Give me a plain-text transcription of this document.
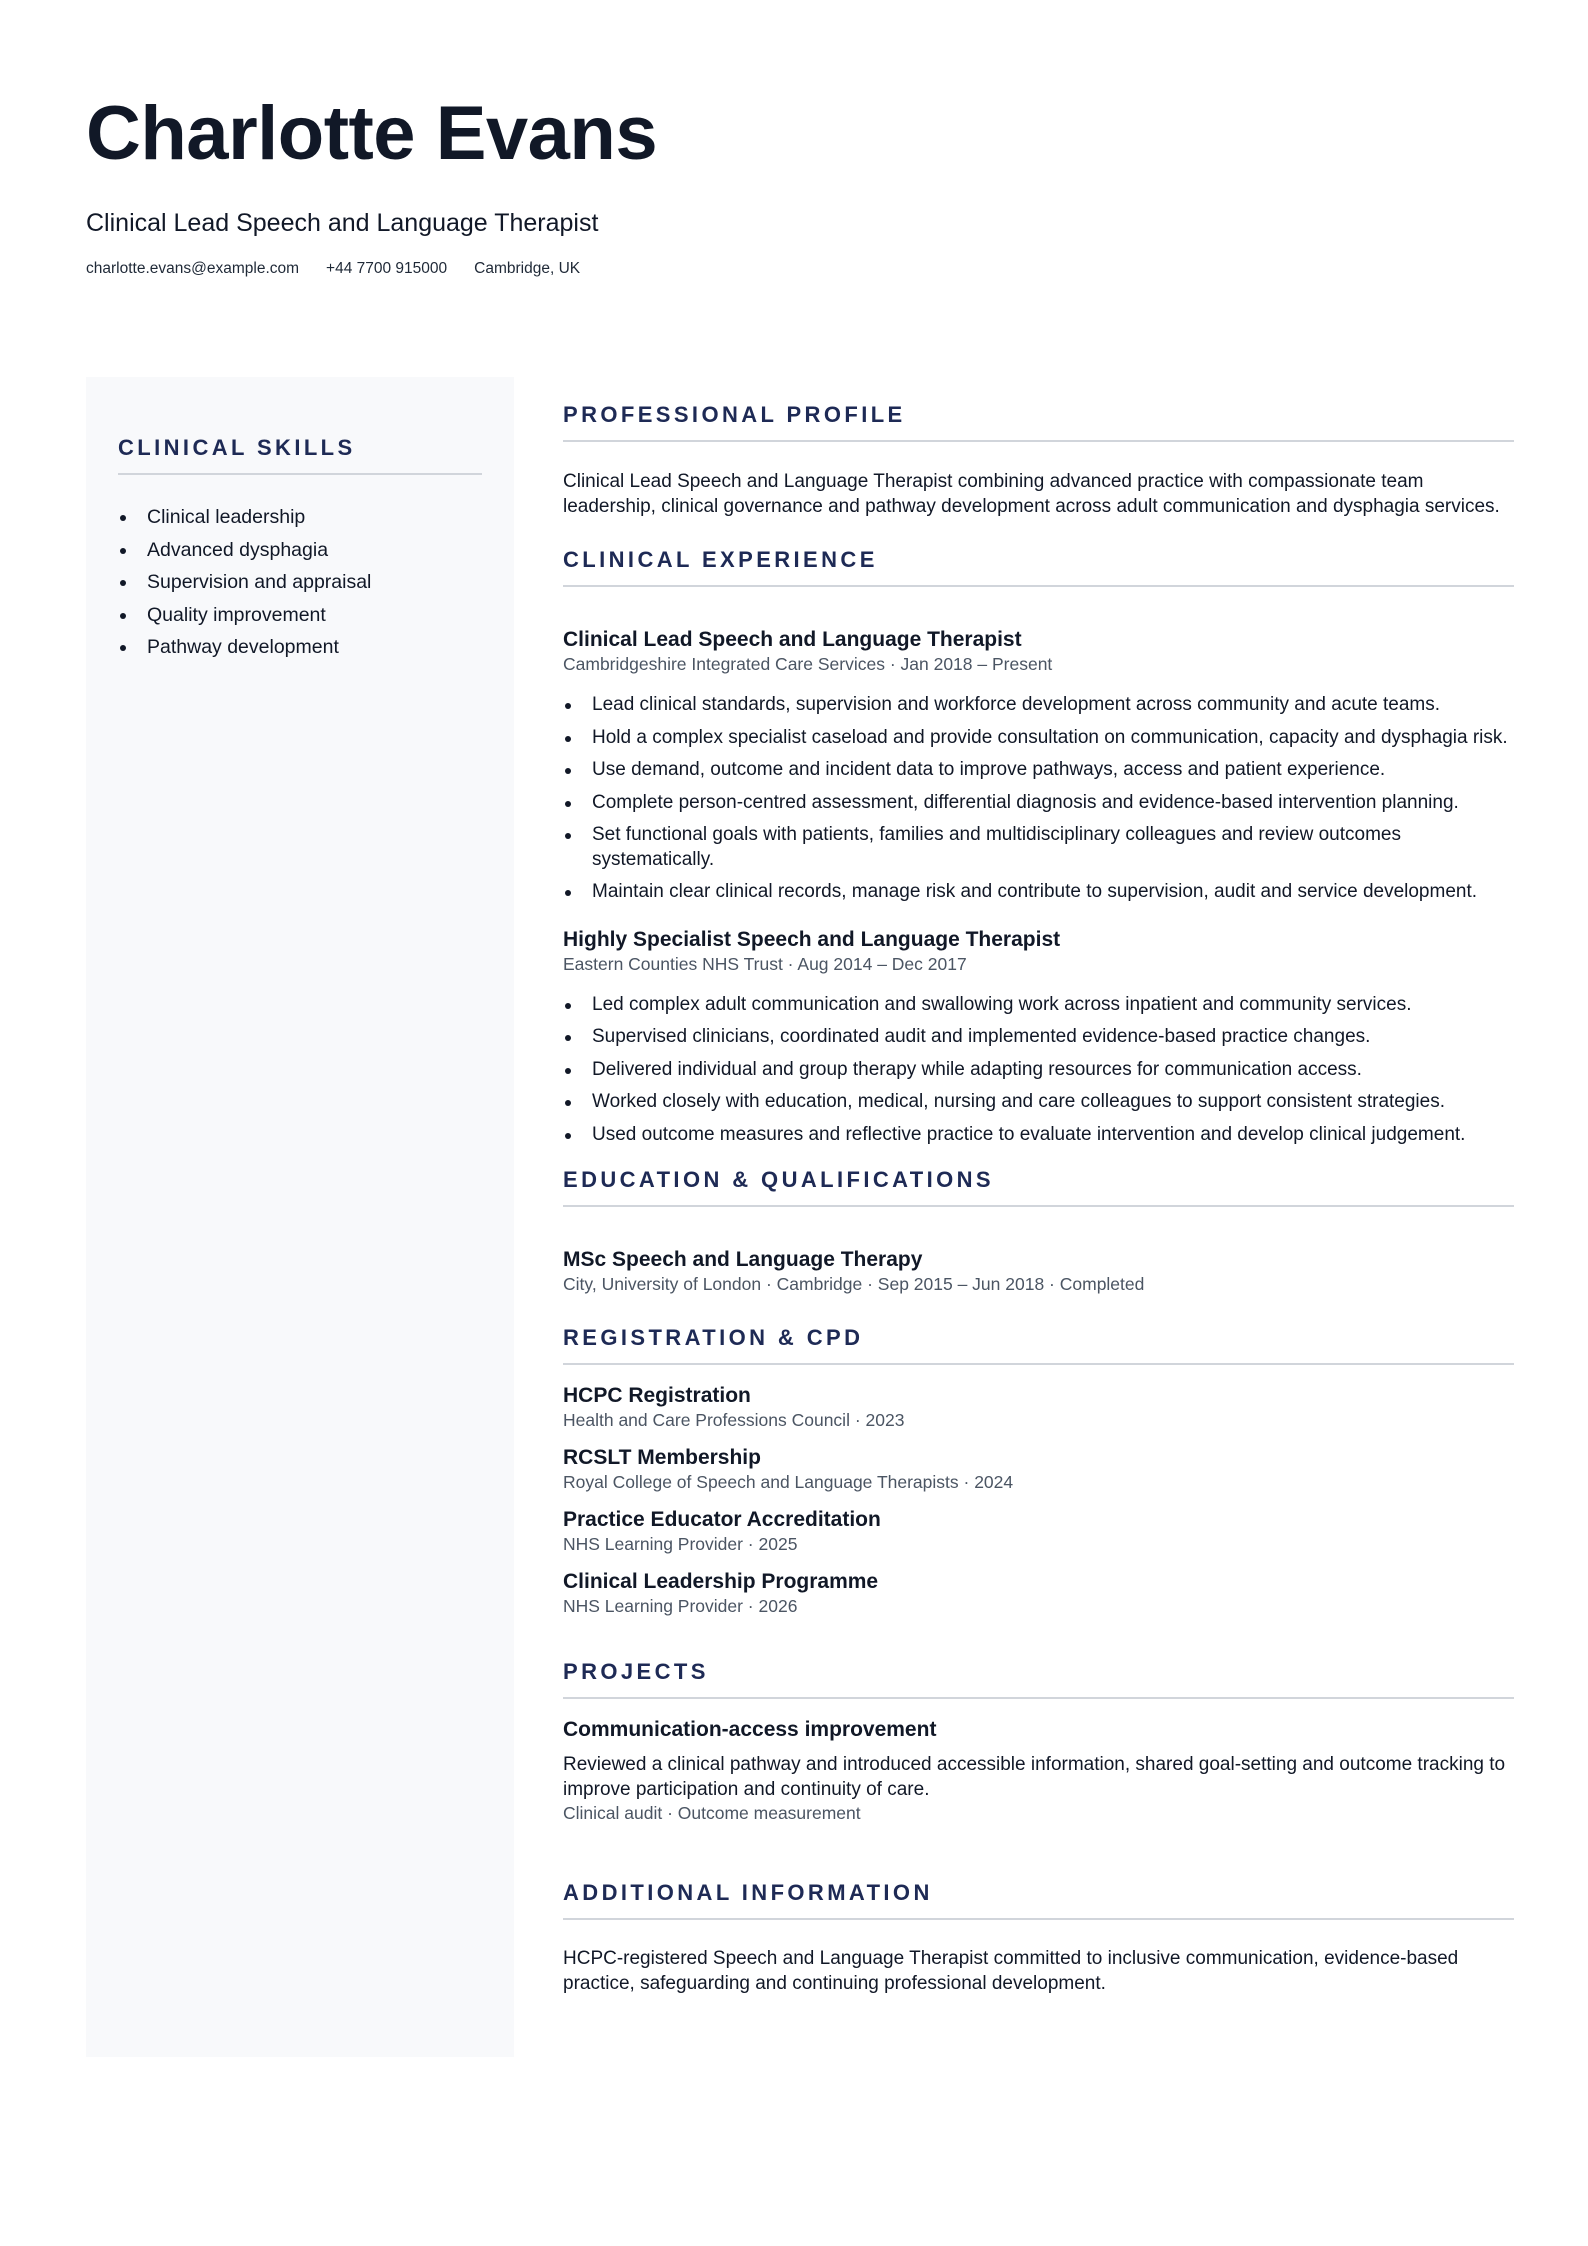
Charlotte Evans
Clinical Lead Speech and Language Therapist
charlotte.evans@example.com +44 7700 915000 Cambridge, UK
CLINICAL SKILLS
Clinical leadership
Advanced dysphagia
Supervision and appraisal
Quality improvement
Pathway development
PROFESSIONAL PROFILE

Clinical Lead Speech and Language Therapist combining advanced practice with compassionate team leadership, clinical governance and pathway development across adult communication and dysphagia services.

CLINICAL EXPERIENCE
Clinical Lead Speech and Language Therapist

Cambridgeshire Integrated Care Services · Jan 2018 – Present

Lead clinical standards, supervision and workforce development across community and acute teams.
Hold a complex specialist caseload and provide consultation on communication, capacity and dysphagia risk.
Use demand, outcome and incident data to improve pathways, access and patient experience.
Complete person-centred assessment, differential diagnosis and evidence-based intervention planning.
Set functional goals with patients, families and multidisciplinary colleagues and review outcomes systematically.
Maintain clear clinical records, manage risk and contribute to supervision, audit and service development.
Highly Specialist Speech and Language Therapist

Eastern Counties NHS Trust · Aug 2014 – Dec 2017

Led complex adult communication and swallowing work across inpatient and community services.
Supervised clinicians, coordinated audit and implemented evidence-based practice changes.
Delivered individual and group therapy while adapting resources for communication access.
Worked closely with education, medical, nursing and care colleagues to support consistent strategies.
Used outcome measures and reflective practice to evaluate intervention and develop clinical judgement.
EDUCATION & QUALIFICATIONS
MSc Speech and Language Therapy

City, University of London · Cambridge · Sep 2015 – Jun 2018 · Completed

REGISTRATION & CPD
HCPC Registration

Health and Care Professions Council · 2023

RCSLT Membership

Royal College of Speech and Language Therapists · 2024

Practice Educator Accreditation

NHS Learning Provider · 2025

Clinical Leadership Programme

NHS Learning Provider · 2026

PROJECTS
Communication-access improvement

Reviewed a clinical pathway and introduced accessible information, shared goal-setting and outcome tracking to improve participation and continuity of care.

Clinical audit · Outcome measurement

ADDITIONAL INFORMATION

HCPC-registered Speech and Language Therapist committed to inclusive communication, evidence-based practice, safeguarding and continuing professional development.
